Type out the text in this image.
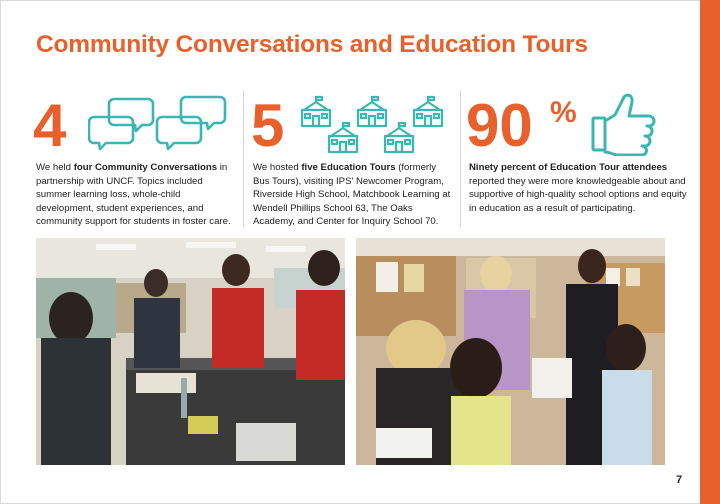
Community Conversations and Education Tours
4

We held four Community Conversations in partnership with UNCF. Topics included summer learning loss, whole-child development, student experiences, and community support for students in foster care.

5

We hosted five Education Tours (formerly Bus Tours), visiting IPS' Newcomer Program, Riverside High School, Matchbook Learning at Wendell Phillips School 63, The Oaks Academy, and Center for Inquiry School 70.

90 %

Ninety percent of Education Tour attendees reported they were more knowledgeable about and supportive of high-quality school options and equity in education as a result of participating.

7
